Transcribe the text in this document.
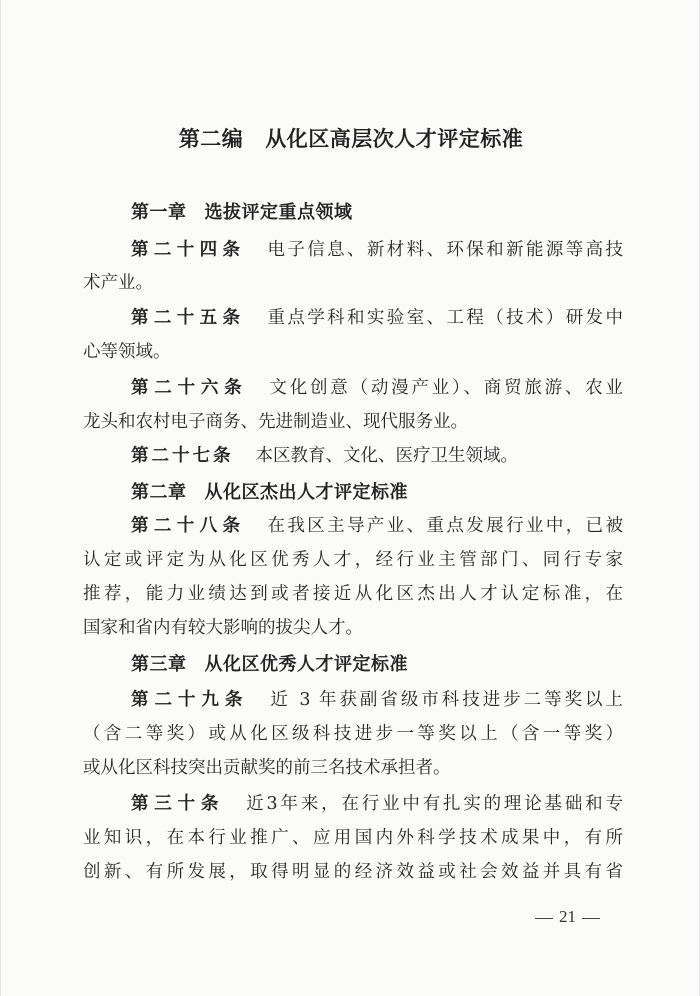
第二编 从化区高层次人才评定标准
第一章 选拔评定重点领域
第二十四条 电子信息、新材料、环保和新能源等高技
术产业。
第二十五条 重点学科和实验室、工程（技术）研发中
心等领域。
第二十六条 文化创意（动漫产业）、商贸旅游、农业
龙头和农村电子商务、先进制造业、现代服务业。
第二十七条 本区教育、文化、医疗卫生领域。
第二章 从化区杰出人才评定标准
第二十八条 在我区主导产业、重点发展行业中，已被
认定或评定为从化区优秀人才，经行业主管部门、同行专家
推荐，能力业绩达到或者接近从化区杰出人才认定标准，在
国家和省内有较大影响的拔尖人才。
第三章 从化区优秀人才评定标准
第二十九条 近 3 年获副省级市科技进步二等奖以上
（含二等奖）或从化区级科技进步一等奖以上（含一等奖）
或从化区科技突出贡献奖的前三名技术承担者。
第三十条 近3年来，在行业中有扎实的理论基础和专
业知识，在本行业推广、应用国内外科学技术成果中，有所
创新、有所发展，取得明显的经济效益或社会效益并具有省
21
